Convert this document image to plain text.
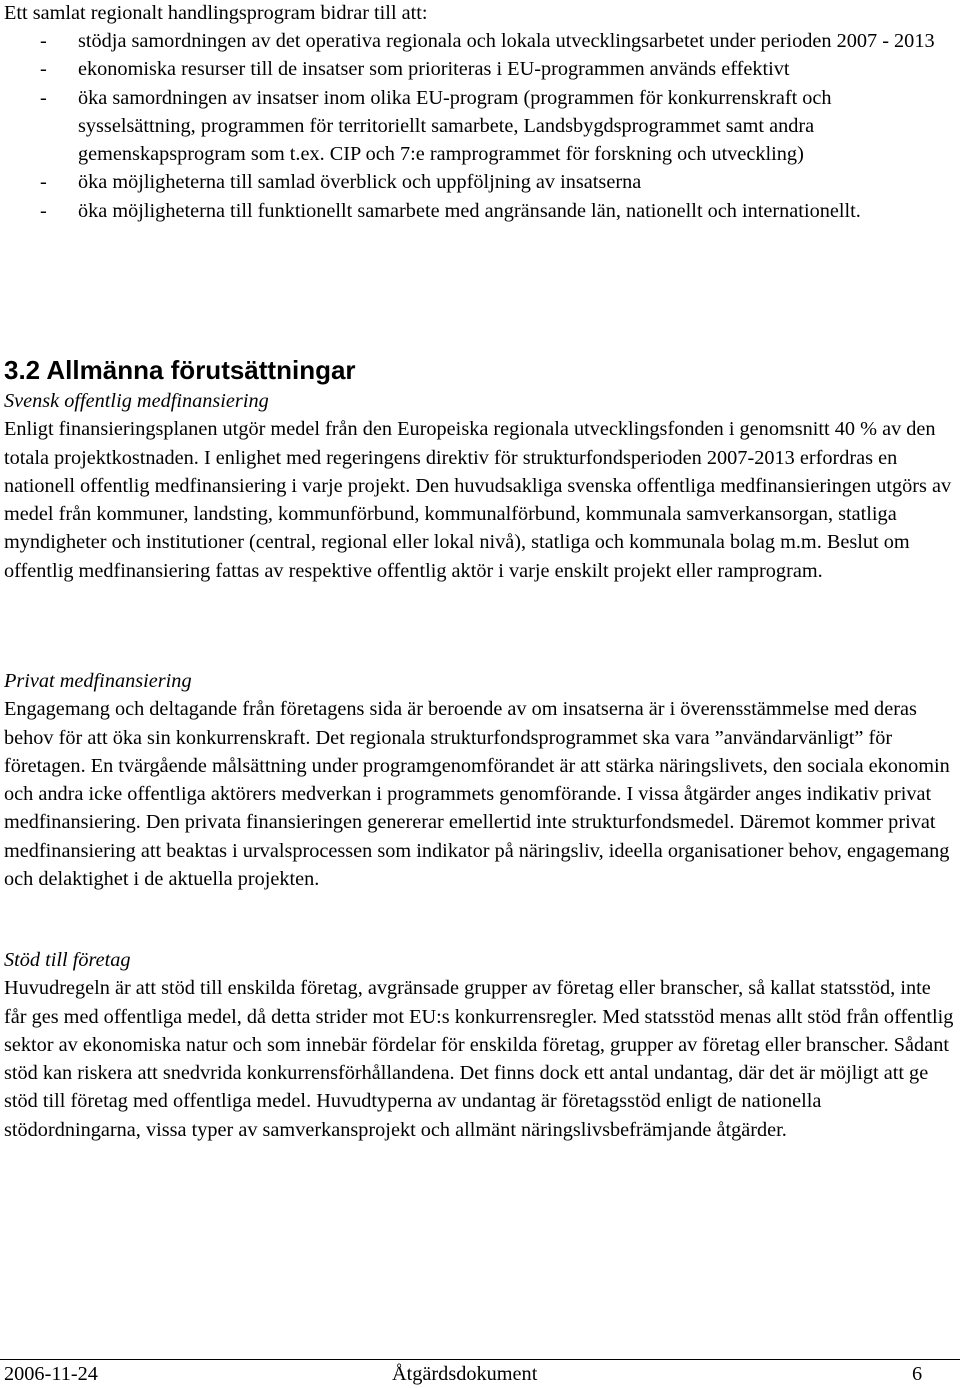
Ett samlat regionalt handlingsprogram bidrar till att:

- stödja samordningen av det operativa regionala och lokala utvecklingsarbetet under perioden 2007 - 2013
- ekonomiska resurser till de insatser som prioriteras i EU-programmen används effektivt
- öka samordningen av insatser inom olika EU-program (programmen för konkurrenskraft och sysselsättning, programmen för territoriellt samarbete, Landsbygdsprogrammet samt andra gemenskapsprogram som t.ex. CIP och 7:e ramprogrammet för forskning och utveckling)
- öka möjligheterna till samlad överblick och uppföljning av insatserna
- öka möjligheterna till funktionellt samarbete med angränsande län, nationellt och internationellt.
3.2 Allmänna förutsättningar

Svensk offentlig medfinansiering

Enligt finansieringsplanen utgör medel från den Europeiska regionala utvecklingsfonden i genomsnitt 40 % av den totala projektkostnaden. I enlighet med regeringens direktiv för strukturfondsperioden 2007-2013 erfordras en nationell offentlig medfinansiering i varje projekt. Den huvudsakliga svenska offentliga medfinansieringen utgörs av medel från kommuner, landsting, kommunförbund, kommunalförbund, kommunala samverkansorgan, statliga myndigheter och institutioner (central, regional eller lokal nivå), statliga och kommunala bolag m.m. Beslut om offentlig medfinansiering fattas av respektive offentlig aktör i varje enskilt projekt eller ramprogram.

Privat medfinansiering

Engagemang och deltagande från företagens sida är beroende av om insatserna är i överensstämmelse med deras behov för att öka sin konkurrenskraft. Det regionala strukturfondsprogrammet ska vara ”användarvänligt” för företagen. En tvärgående målsättning under programgenomförandet är att stärka näringslivets, den sociala ekonomin och andra icke offentliga aktörers medverkan i programmets genomförande. I vissa åtgärder anges indikativ privat medfinansiering. Den privata finansieringen genererar emellertid inte strukturfondsmedel. Däremot kommer privat medfinansiering att beaktas i urvalsprocessen som indikator på näringsliv, ideella organisationer behov, engagemang och delaktighet i de aktuella projekten.

Stöd till företag

Huvudregeln är att stöd till enskilda företag, avgränsade grupper av företag eller branscher, så kallat statsstöd, inte får ges med offentliga medel, då detta strider mot EU:s konkurrensregler. Med statsstöd menas allt stöd från offentlig sektor av ekonomiska natur och som innebär fördelar för enskilda företag, grupper av företag eller branscher. Sådant stöd kan riskera att snedvrida konkurrensförhållandena. Det finns dock ett antal undantag, där det är möjligt att ge stöd till företag med offentliga medel. Huvudtyperna av undantag är företagsstöd enligt de nationella stödordningarna, vissa typer av samverkansprojekt och allmänt näringslivsbefrämjande åtgärder.

2006-11-24	Åtgärdsdokument	6
